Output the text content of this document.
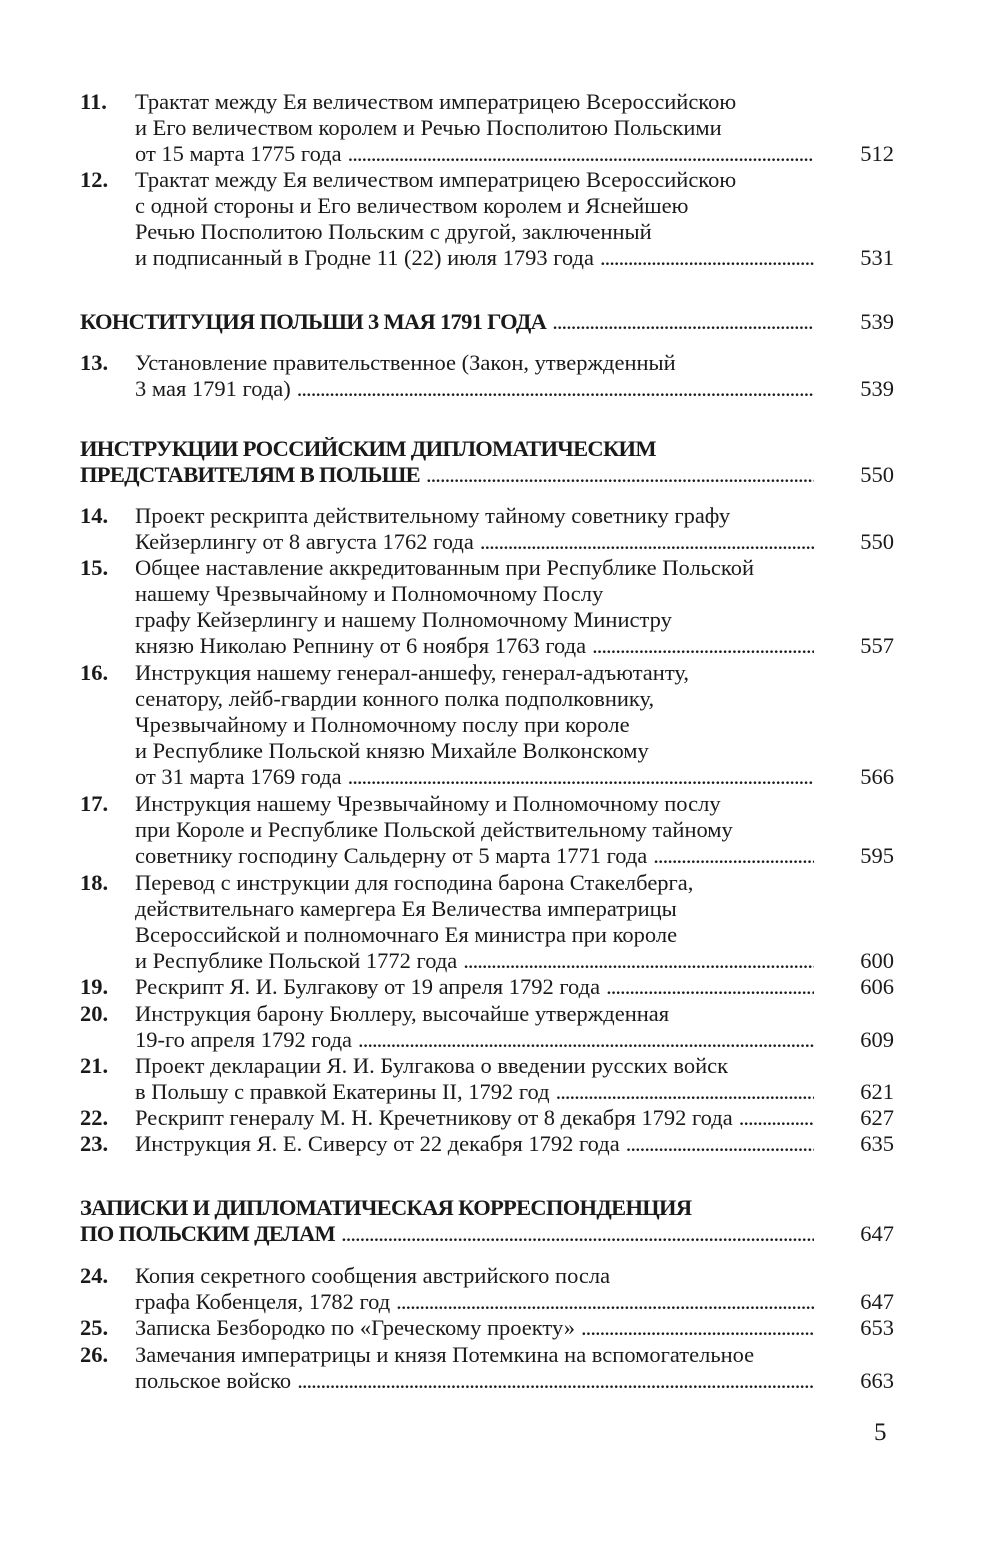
11. Трактат между Ея величеством императрицею Всероссийскою
и Его величеством королем и Речью Посполитою Польскими
от 15 марта 1775 года . . .	512
12. Трактат между Ея величеством императрицею Всероссийскою
с одной стороны и Его величеством королем и Яснейшею
Речью Посполитою Польским с другой, заключенный
и подписанный в Гродне 11 (22) июля 1793 года . . .	531
КОНСТИТУЦИЯ ПОЛЬШИ 3 МАЯ 1791 ГОДА . . .	539
13. Установление правительственное (Закон, утвержденный
3 мая 1791 года) . . .	539
ИНСТРУКЦИИ РОССИЙСКИМ ДИПЛОМАТИЧЕСКИМ
ПРЕДСТАВИТЕЛЯМ В ПОЛЬШЕ . . .	550
14. Проект рескрипта действительному тайному советнику графу
Кейзерлингу от 8 августа 1762 года . . .	550
15. Общее наставление аккредитованным при Республике Польской
нашему Чрезвычайному и Полномочному Послу
графу Кейзерлингу и нашему Полномочному Министру
князю Николаю Репнину от 6 ноября 1763 года . . .	557
16. Инструкция нашему генерал-аншефу, генерал-адъютанту,
сенатору, лейб-гвардии конного полка подполковнику,
Чрезвычайному и Полномочному послу при короле
и Республике Польской князю Михайле Волконскому
от 31 марта 1769 года . . .	566
17. Инструкция нашему Чрезвычайному и Полномочному послу
при Короле и Республике Польской действительному тайному
советнику господину Сальдерну от 5 марта 1771 года . . .	595
18. Перевод с инструкции для господина барона Стакелберга,
действительнаго камергера Ея Величества императрицы
Всероссийской и полномочнаго Ея министра при короле
и Республике Польской 1772 года . . .	600
19. Рескрипт Я. И. Булгакову от 19 апреля 1792 года . . .	606
20. Инструкция барону Бюллеру, высочайше утвержденная
19-го апреля 1792 года . . .	609
21. Проект декларации Я. И. Булгакова о введении русских войск
в Польшу с правкой Екатерины II, 1792 год . . .	621
22. Рескрипт генералу М. Н. Кречетникову от 8 декабря 1792 года . . .	627
23. Инструкция Я. Е. Сиверсу от 22 декабря 1792 года . . .	635
ЗАПИСКИ И ДИПЛОМАТИЧЕСКАЯ КОРРЕСПОНДЕНЦИЯ
ПО ПОЛЬСКИМ ДЕЛАМ . . .	647
24. Копия секретного сообщения австрийского посла
графа Кобенцеля, 1782 год . . .	647
25. Записка Безбородко по «Греческому проекту» . . .	653
26. Замечания императрицы и князя Потемкина на вспомогательное
польское войско . . .	663
5
